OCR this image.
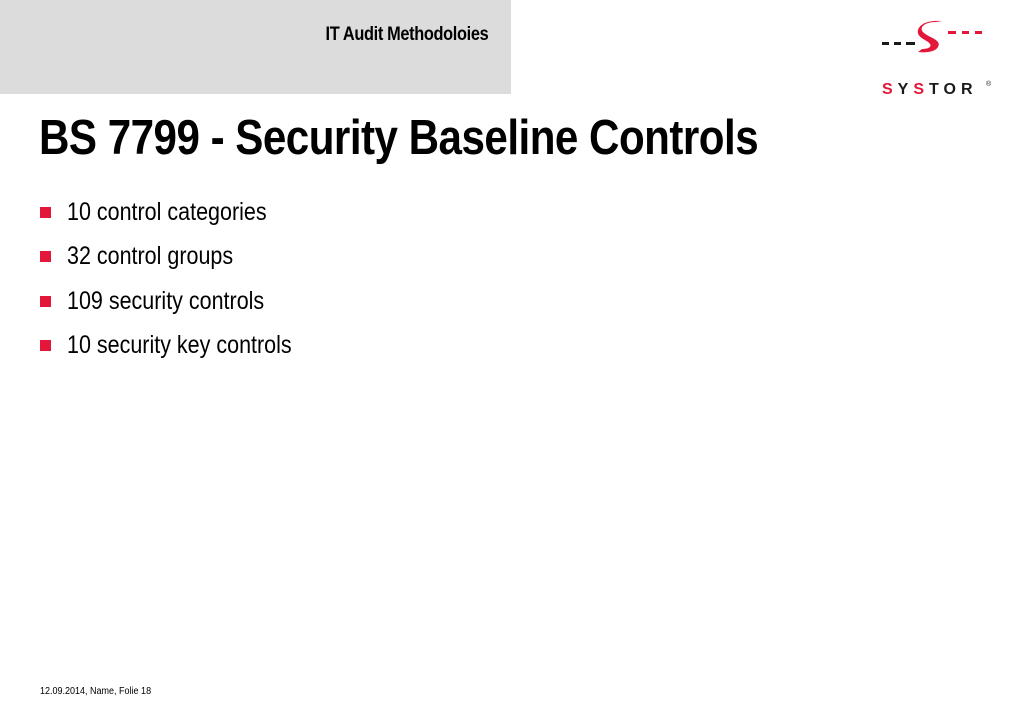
IT Audit Methodoloies
SYSTOR ®
BS 7799 - Security Baseline Controls
10 control categories
32 control groups
109 security controls
10 security key controls
12.09.2014, Name, Folie 18
